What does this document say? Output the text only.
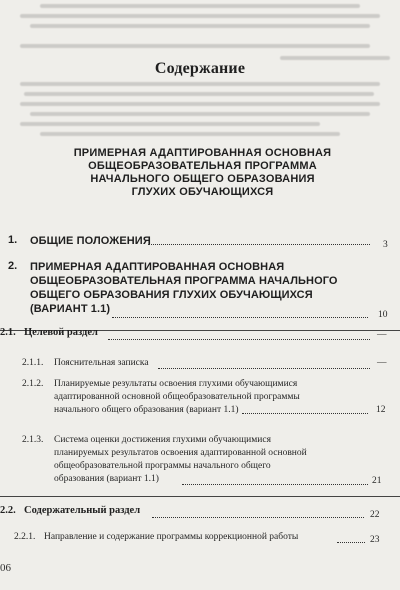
Содержание
ПРИМЕРНАЯ АДАПТИРОВАННАЯ ОСНОВНАЯ
ОБЩЕОБРАЗОВАТЕЛЬНАЯ ПРОГРАММА
НАЧАЛЬНОГО ОБЩЕГО ОБРАЗОВАНИЯ
ГЛУХИХ ОБУЧАЮЩИХСЯ
1. ОБЩИЕ ПОЛОЖЕНИЯ	3
2. ПРИМЕРНАЯ АДАПТИРОВАННАЯ ОСНОВНАЯ
ОБЩЕОБРАЗОВАТЕЛЬНАЯ ПРОГРАММА НАЧАЛЬНОГО
ОБЩЕГО ОБРАЗОВАНИЯ ГЛУХИХ ОБУЧАЮЩИХСЯ
(ВАРИАНТ 1.1)	10
2.1. Целевой раздел	—
2.1.1. Пояснительная записка	—
2.1.2. Планируемые результаты освоения глухими обучающимися
адаптированной основной общеобразовательной программы
начального общего образования (вариант 1.1)	12
2.1.3. Система оценки достижения глухими обучающимися
планируемых результатов освоения адаптированной основной
общеобразовательной программы начального общего
образования (вариант 1.1)	21
2.2. Содержательный раздел	22
2.2.1. Направление и содержание программы коррекционной работы	23
06
